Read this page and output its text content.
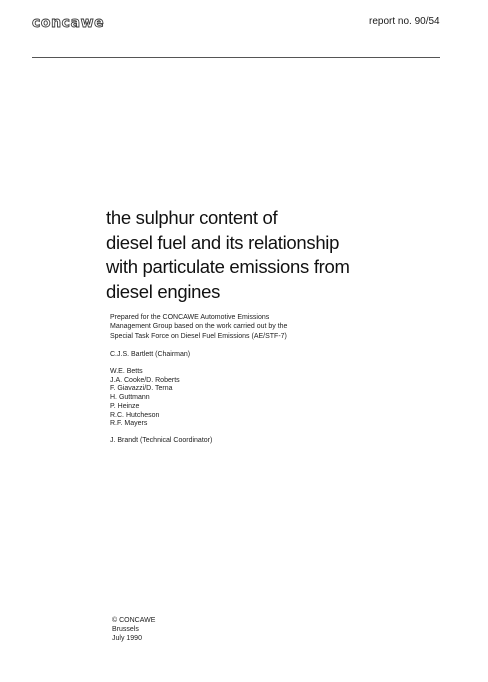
concawe	report no. 90/54
the sulphur content of
diesel fuel and its relationship
with particulate emissions from
diesel engines
Prepared for the CONCAWE Automotive Emissions
Management Group based on the work carried out by the
Special Task Force on Diesel Fuel Emissions (AE/STF-7)
C.J.S. Bartlett (Chairman)
W.E. Betts
J.A. Cooke/D. Roberts
F. Giavazzi/D. Terna
H. Guttmann
P. Heinze
R.C. Hutcheson
R.F. Mayers
J. Brandt (Technical Coordinator)
© CONCAWE
Brussels
July 1990
